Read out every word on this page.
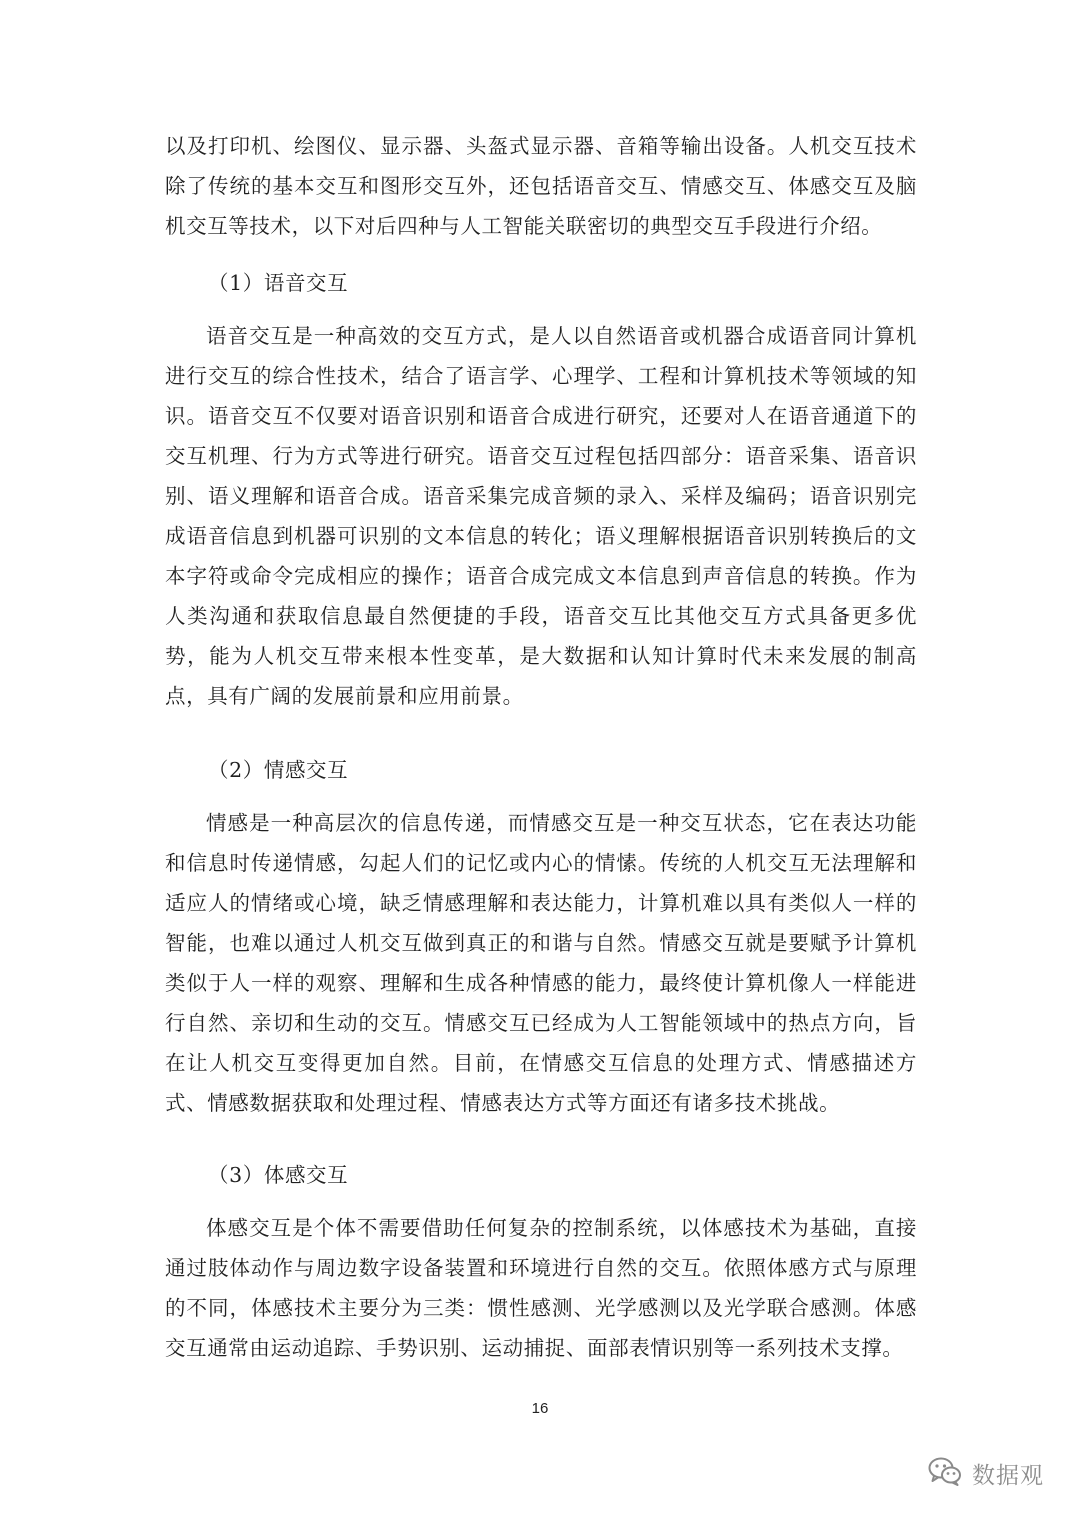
以及打印机、绘图仪、显示器、头盔式显示器、音箱等输出设备。人机交互技术除了传统的基本交互和图形交互外，还包括语音交互、情感交互、体感交互及脑机交互等技术，以下对后四种与人工智能关联密切的典型交互手段进行介绍。

（1）语音交互

语音交互是一种高效的交互方式，是人以自然语音或机器合成语音同计算机进行交互的综合性技术，结合了语言学、心理学、工程和计算机技术等领域的知识。语音交互不仅要对语音识别和语音合成进行研究，还要对人在语音通道下的交互机理、行为方式等进行研究。语音交互过程包括四部分：语音采集、语音识别、语义理解和语音合成。语音采集完成音频的录入、采样及编码；语音识别完成语音信息到机器可识别的文本信息的转化；语义理解根据语音识别转换后的文本字符或命令完成相应的操作；语音合成完成文本信息到声音信息的转换。作为人类沟通和获取信息最自然便捷的手段，语音交互比其他交互方式具备更多优势，能为人机交互带来根本性变革，是大数据和认知计算时代未来发展的制高点，具有广阔的发展前景和应用前景。

（2）情感交互

情感是一种高层次的信息传递，而情感交互是一种交互状态，它在表达功能和信息时传递情感，勾起人们的记忆或内心的情愫。传统的人机交互无法理解和适应人的情绪或心境，缺乏情感理解和表达能力，计算机难以具有类似人一样的智能，也难以通过人机交互做到真正的和谐与自然。情感交互就是要赋予计算机类似于人一样的观察、理解和生成各种情感的能力，最终使计算机像人一样能进行自然、亲切和生动的交互。情感交互已经成为人工智能领域中的热点方向，旨在让人机交互变得更加自然。目前，在情感交互信息的处理方式、情感描述方式、情感数据获取和处理过程、情感表达方式等方面还有诸多技术挑战。

（3）体感交互

体感交互是个体不需要借助任何复杂的控制系统，以体感技术为基础，直接通过肢体动作与周边数字设备装置和环境进行自然的交互。依照体感方式与原理的不同，体感技术主要分为三类：惯性感测、光学感测以及光学联合感测。体感交互通常由运动追踪、手势识别、运动捕捉、面部表情识别等一系列技术支撑。

16
数据观
